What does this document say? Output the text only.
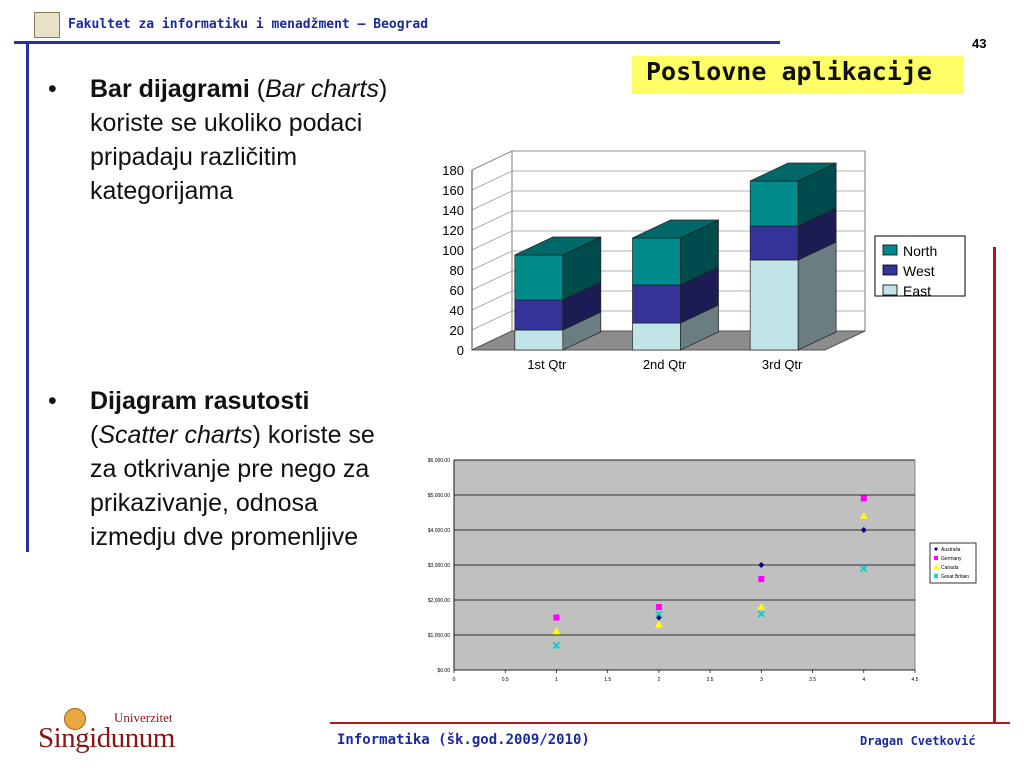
Fakultet za informatiku i menadžment – Beograd
43
Poslovne aplikacije
• Bar dijagrami (Bar charts) koriste se ukoliko podaci pripadaju različitim kategorijama
• Dijagram rasutosti
(Scatter charts) koriste se za otkrivanje pre nego za prikazivanje, odnosa izmedju dve promenljive
0
20
40
60
80
100
120
140
160
180
1st Qtr	2nd Qtr	3rd Qtr
North
West
East
$0.00
$1,000.00
$2,000.00
$3,000.00
$4,000.00
$5,000.00
$6,000.00
0	0.5	1	1.5	2	2.5	3	3.5	4	4.5
Australia
Germany
Canada
Great Britain
Univerzitet
Singidunum	Informatika (šk.god.2009/2010)	Dragan Cvetković
